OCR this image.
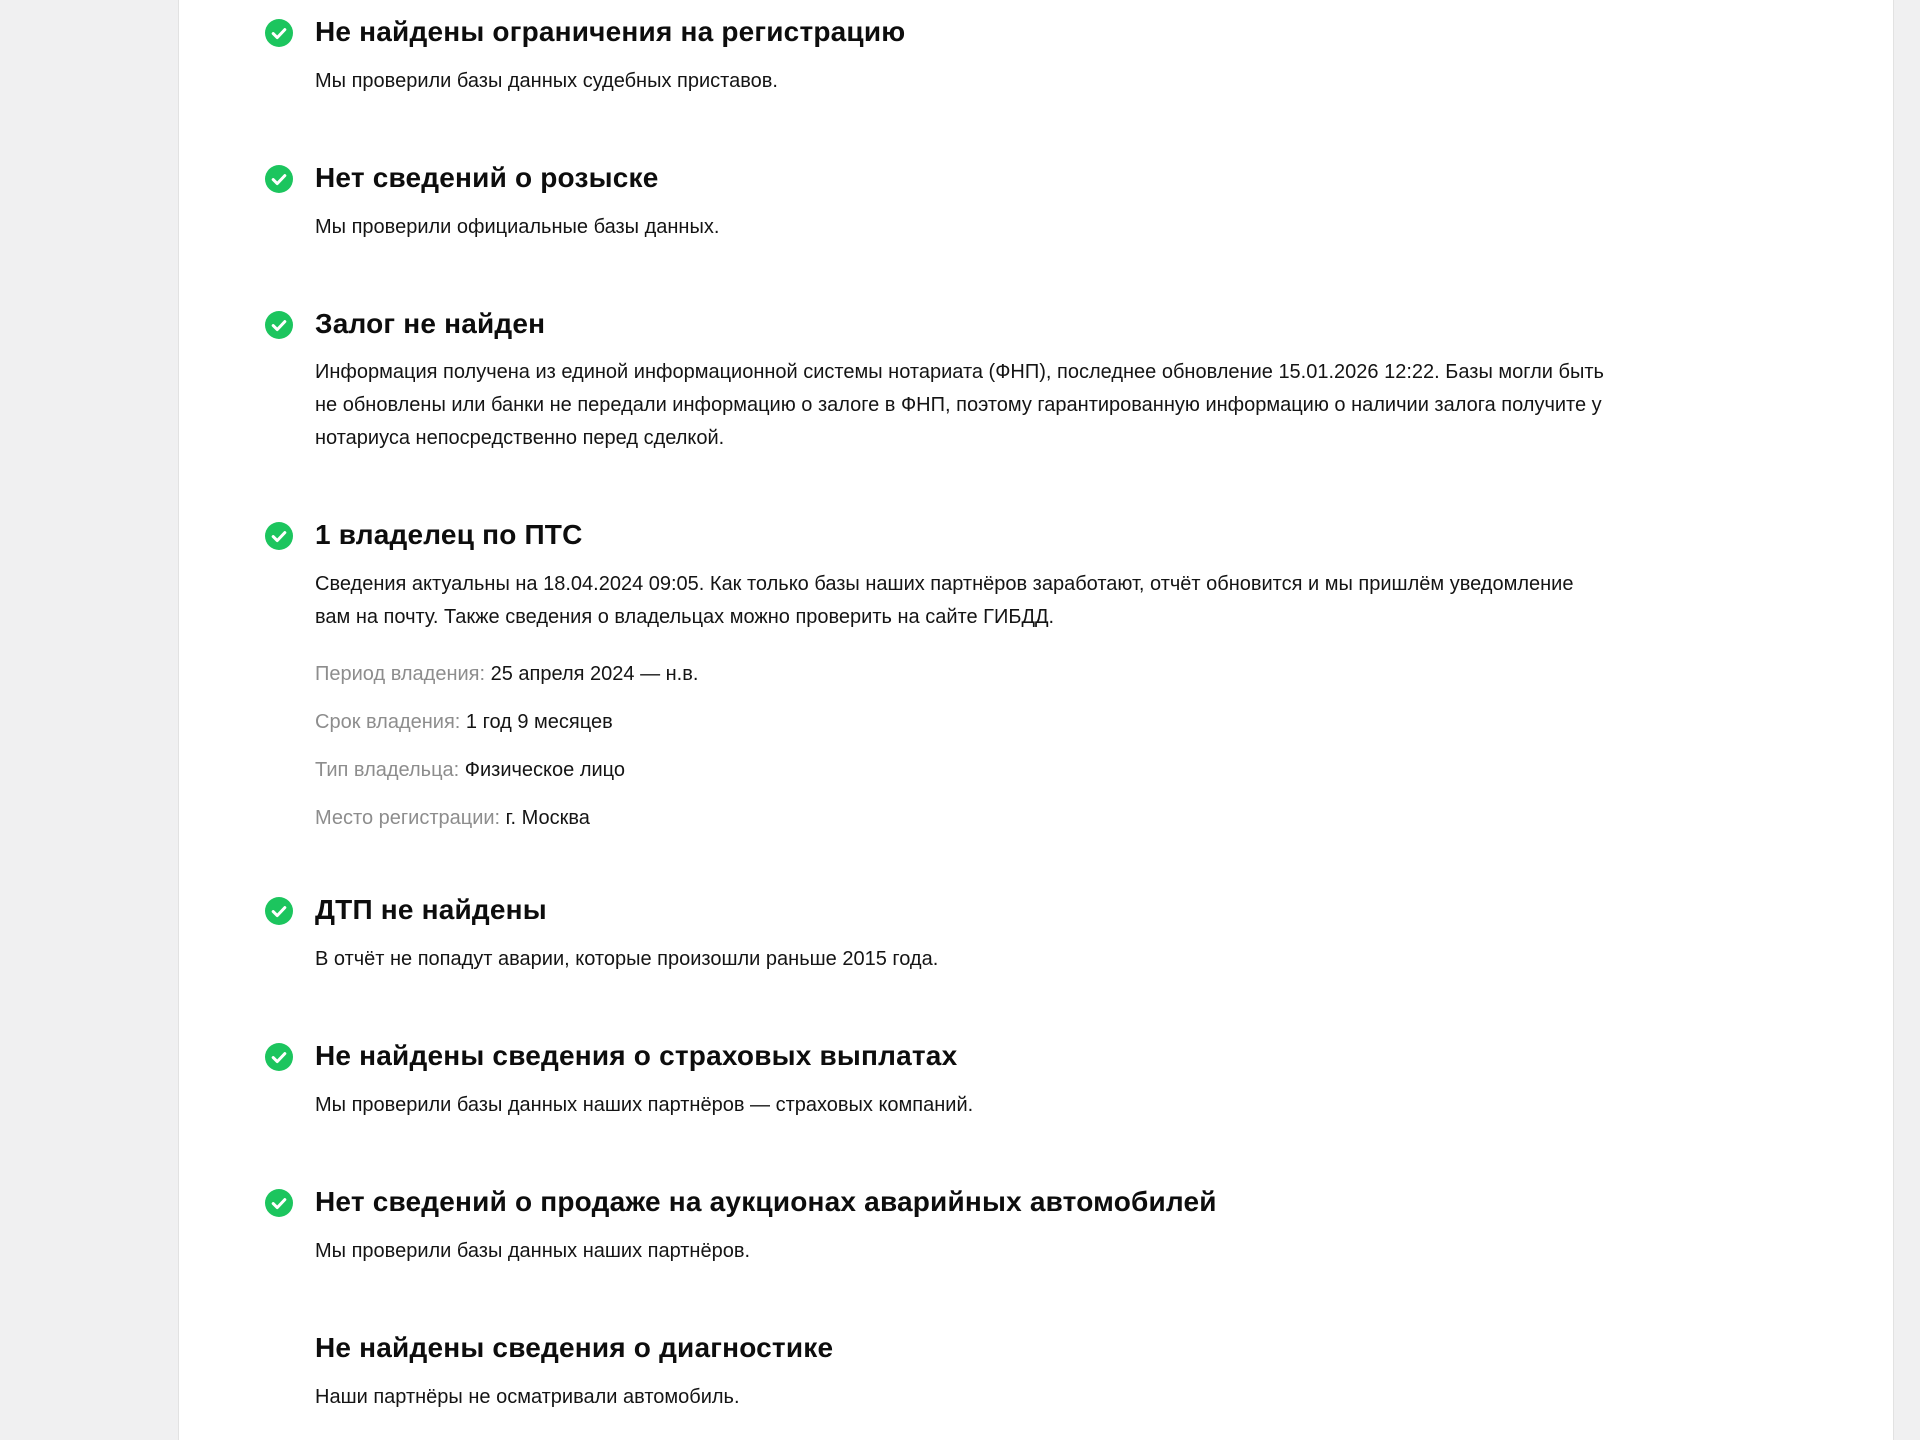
Не найдены ограничения на регистрацию

Мы проверили базы данных судебных приставов.

Нет сведений о розыске

Мы проверили официальные базы данных.

Залог не найден

Информация получена из единой информационной системы нотариата (ФНП), последнее обновление 15.01.2026 12:22. Базы могли быть не обновлены или банки не передали информацию о залоге в ФНП, поэтому гарантированную информацию о наличии залога получите у нотариуса непосредственно перед сделкой.

1 владелец по ПТС

Сведения актуальны на 18.04.2024 09:05. Как только базы наших партнёров заработают, отчёт обновится и мы пришлём уведомление вам на почту. Также сведения о владельцах можно проверить на сайте ГИБДД.

Период владения: 25 апреля 2024 — н.в.
Срок владения: 1 год 9 месяцев
Тип владельца: Физическое лицо
Место регистрации: г. Москва
ДТП не найдены

В отчёт не попадут аварии, которые произошли раньше 2015 года.

Не найдены сведения о страховых выплатах

Мы проверили базы данных наших партнёров — страховых компаний.

Нет сведений о продаже на аукционах аварийных автомобилей

Мы проверили базы данных наших партнёров.

Не найдены сведения о диагностике

Наши партнёры не осматривали автомобиль.
